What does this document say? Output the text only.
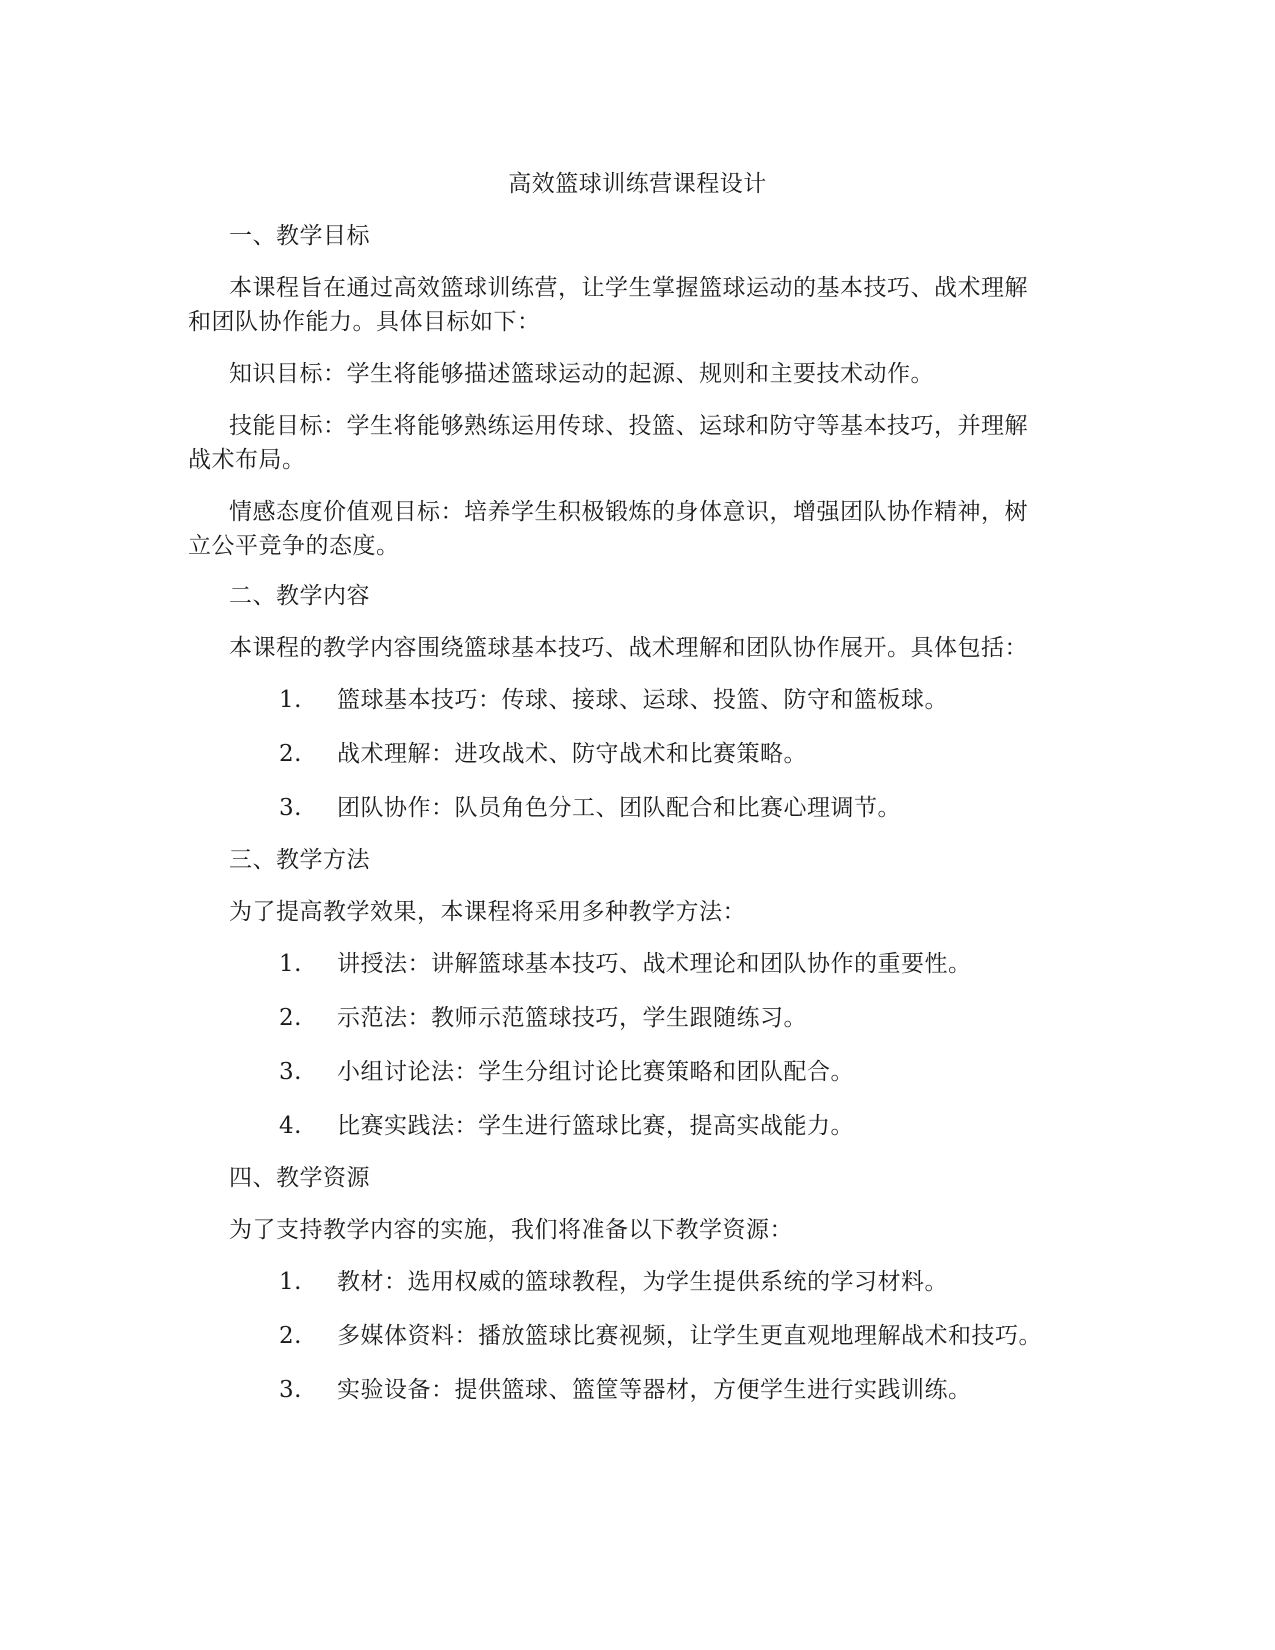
高效篮球训练营课程设计
一、教学目标
本课程旨在通过高效篮球训练营，让学生掌握篮球运动的基本技巧、战术理解
和团队协作能力。具体目标如下：
知识目标：学生将能够描述篮球运动的起源、规则和主要技术动作。
技能目标：学生将能够熟练运用传球、投篮、运球和防守等基本技巧，并理解
战术布局。
情感态度价值观目标：培养学生积极锻炼的身体意识，增强团队协作精神，树
立公平竞争的态度。
二、教学内容
本课程的教学内容围绕篮球基本技巧、战术理解和团队协作展开。具体包括：
1. 篮球基本技巧：传球、接球、运球、投篮、防守和篮板球。
2. 战术理解：进攻战术、防守战术和比赛策略。
3. 团队协作：队员角色分工、团队配合和比赛心理调节。
三、教学方法
为了提高教学效果，本课程将采用多种教学方法：
1. 讲授法：讲解篮球基本技巧、战术理论和团队协作的重要性。
2. 示范法：教师示范篮球技巧，学生跟随练习。
3. 小组讨论法：学生分组讨论比赛策略和团队配合。
4. 比赛实践法：学生进行篮球比赛，提高实战能力。
四、教学资源
为了支持教学内容的实施，我们将准备以下教学资源：
1. 教材：选用权威的篮球教程，为学生提供系统的学习材料。
2. 多媒体资料：播放篮球比赛视频，让学生更直观地理解战术和技巧。
3. 实验设备：提供篮球、篮筐等器材，方便学生进行实践训练。
